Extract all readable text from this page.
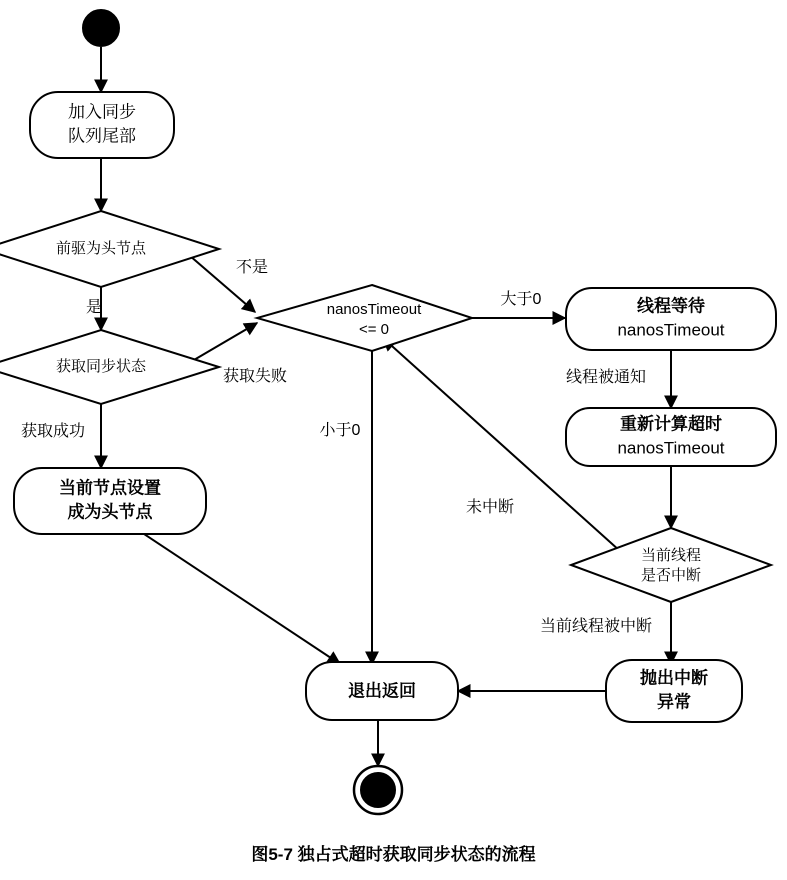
加入同步
队列尾部
前驱为头节点
获取同步状态
当前节点设置
成为头节点
nanosTimeout
<= 0
线程等待
nanosTimeout
重新计算超时
nanosTimeout
当前线程
是否中断
抛出中断
异常
退出返回
不是
是
获取失败
获取成功
大于0
小于0
线程被通知
未中断
当前线程被中断
图5-7 独占式超时获取同步状态的流程
